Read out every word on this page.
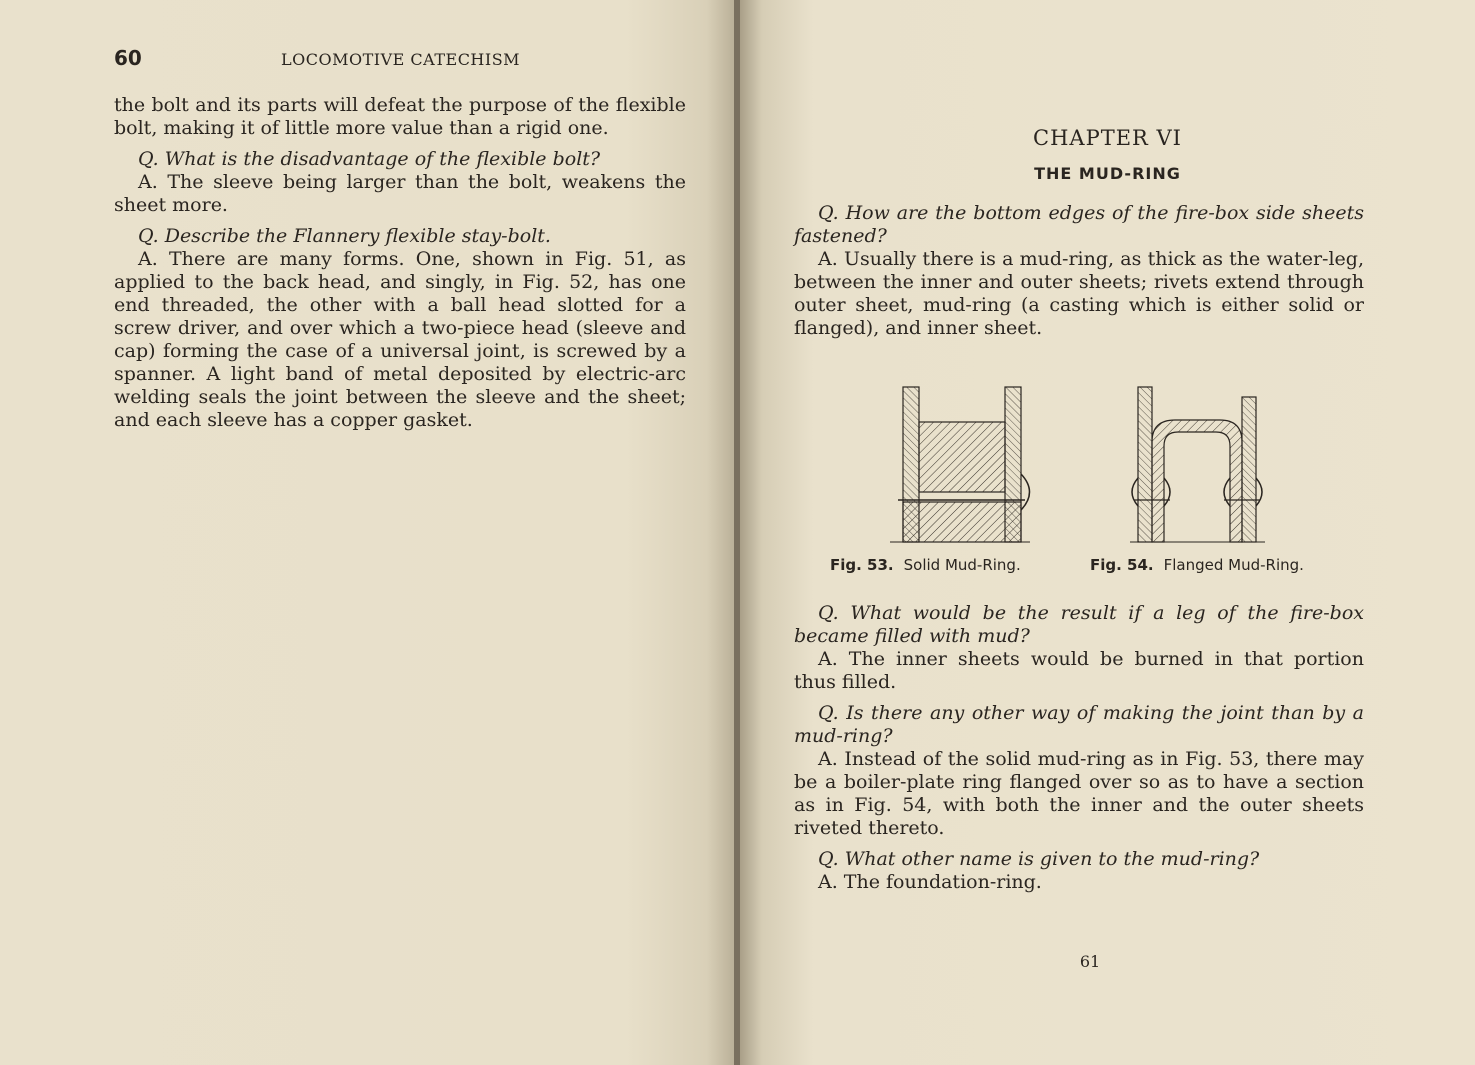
60	LOCOMOTIVE CATECHISM

the bolt and its parts will defeat the purpose of the flexible bolt, making it of little more value than a rigid one.

Q. What is the disadvantage of the flexible bolt?

A. The sleeve being larger than the bolt, weakens the sheet more.

Q. Describe the Flannery flexible stay-bolt.

A. There are many forms. One, shown in Fig. 51, as applied to the back head, and singly, in Fig. 52, has one end threaded, the other with a ball head slotted for a screw driver, and over which a two-piece head (sleeve and cap) forming the case of a universal joint, is screwed by a spanner. A light band of metal deposited by electric-arc welding seals the joint between the sleeve and the sheet; and each sleeve has a copper gasket.

CHAPTER VI
THE MUD-RING

Q. How are the bottom edges of the fire-box side sheets fastened?

A. Usually there is a mud-ring, as thick as the water-leg, between the inner and outer sheets; rivets extend through outer sheet, mud-ring (a casting which is either solid or flanged), and inner sheet.

Fig. 53. Solid Mud-Ring.	Fig. 54. Flanged Mud-Ring.

Q. What would be the result if a leg of the fire-box became filled with mud?

A. The inner sheets would be burned in that portion thus filled.

Q. Is there any other way of making the joint than by a mud-ring?

A. Instead of the solid mud-ring as in Fig. 53, there may be a boiler-plate ring flanged over so as to have a section as in Fig. 54, with both the inner and the outer sheets riveted thereto.

Q. What other name is given to the mud-ring?

A. The foundation-ring.

61
